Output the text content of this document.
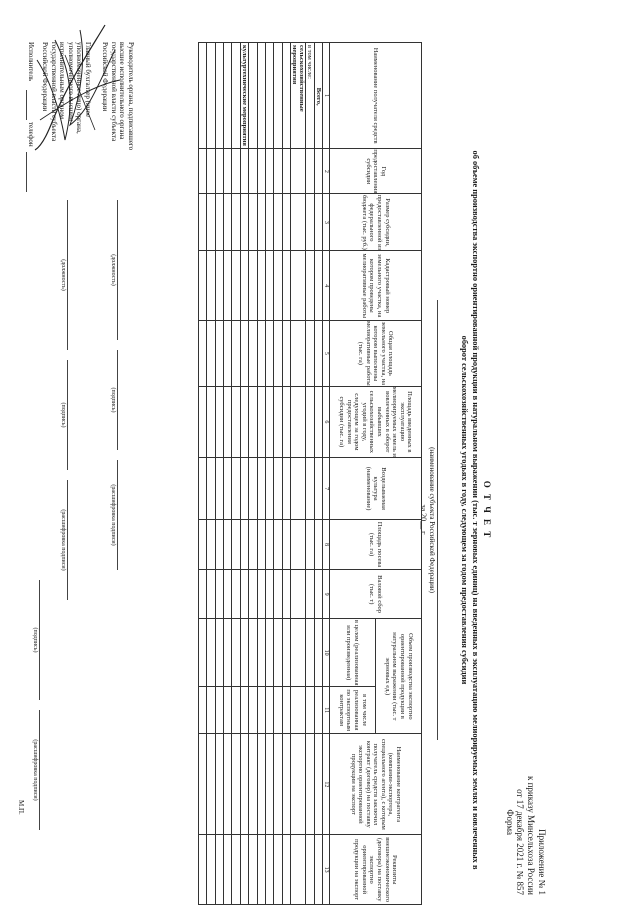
Приложение № 1
к приказу Минсельхоза России
от 17 декабря 2021 г. № 857
Форма
О Т Ч Е Т
об объеме производства экспортно ориентированной продукции в натуральном выражении (тыс. т зерновых единиц) на введенных в эксплуатацию мелиорируемых землях и вовлеченных в оборот сельскохозяйственных угодьях в году, следующем за годом предоставления субсидии
(наименование субъекта Российской Федерации)
за 20__ г.
Наименование получателя средств	Год предоставления субсидии	Размер субсидии, предоставленной из федерального бюджета (тыс. руб.)	Кадастровый номер земельного участка, на котором проведены мелиоративные работы	Общая площадь земельного участка, на котором выполнены мелиоративные работы (тыс. га)	Площадь введенных в эксплуатацию мелиорируемых земель и вовлеченных в оборот выбывших сельскохозяйственных угодий в году, следующем за годом предоставления субсидии (тыс. га)	Возделываемая культура (наименование)	Площадь посева (тыс. га)	Валовой сбор (тыс. т)	Объем производства экспортно ориентированной продукции в натуральном выражении (тыс. т зерновых ед.)		Наименование контрагента (компании-экспортера, специального агента), с которым получатель средств заключил контракт (договор) на поставку экспортно ориентированной продукции на экспорт	Реквизиты внешнеэкономического (договора) на поставку экспортно ориентированной продукции на экспорт
									в целом (реализованная или произведенная)	в том числе реализованная по экспортным контрактам		
1	2	3	4	5	6	7	8	9	10	11	12	13
Всего,												
в том числе:												
сельскохозяйственные мероприятия												

культуртехнические мероприятия												

Руководитель органа, подписавшего высшее исполнительного органа государственной власти субъекта Российской Федерации
(должность)
(подпись)
(расшифровка подписи)
Главный бухгалтер (иное уполномоченное лицо) органа, уполномоченного высшим исполнительным органом государственной власти субъекта Российской Федерации
(должность)
(подпись)
(расшифровка подписи)
Исполнитель
телефон
(подпись)
(расшифровка подписи)
М.П.
